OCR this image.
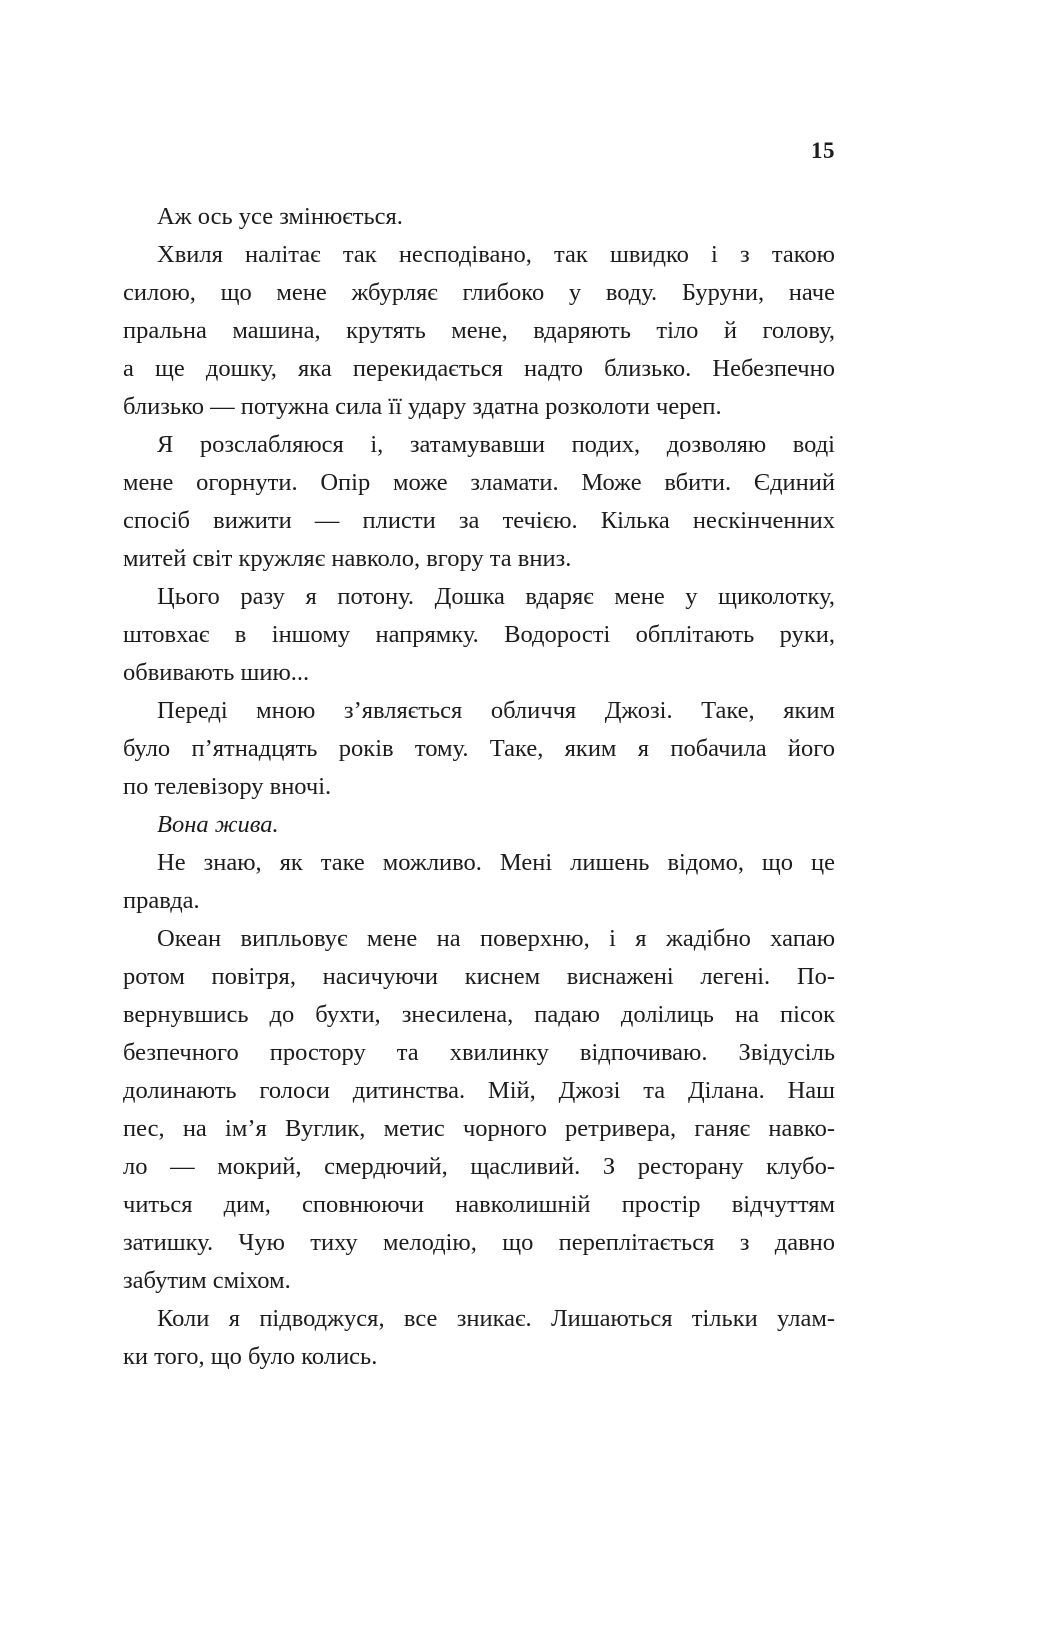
15

Аж ось усе змінюється.

Хвиля налітає так несподівано, так швидко і з такою
силою, що мене жбурляє глибоко у воду. Буруни, наче
пральна машина, крутять мене, вдаряють тіло й голову,
а ще дошку, яка перекидається надто близько. Небезпечно
близько — потужна сила її удару здатна розколоти череп.

Я розслабляюся і, затамувавши подих, дозволяю воді
мене огорнути. Опір може зламати. Може вбити. Єдиний
спосіб вижити — плисти за течією. Кілька нескінченних
митей світ кружляє навколо, вгору та вниз.

Цього разу я потону. Дошка вдаряє мене у щиколотку,
штовхає в іншому напрямку. Водорості обплітають руки,
обвивають шию...

Переді мною з’являється обличчя Джозі. Таке, яким
було п’ятнадцять років тому. Таке, яким я побачила його
по телевізору вночі.

Вона жива.

Не знаю, як таке можливо. Мені лишень відомо, що це
правда.

Океан випльовує мене на поверхню, і я жадібно хапаю
ротом повітря, насичуючи киснем виснажені легені. По-
вернувшись до бухти, знесилена, падаю долілиць на пісок
безпечного простору та хвилинку відпочиваю. Звідусіль
долинають голоси дитинства. Мій, Джозі та Ділана. Наш
пес, на ім’я Вуглик, метис чорного ретривера, ганяє навко-
ло — мокрий, смердючий, щасливий. З ресторану клубо-
читься дим, сповнюючи навколишній простір відчуттям
затишку. Чую тиху мелодію, що переплітається з давно
забутим сміхом.

Коли я підводжуся, все зникає. Лишаються тільки улам-
ки того, що було колись.
